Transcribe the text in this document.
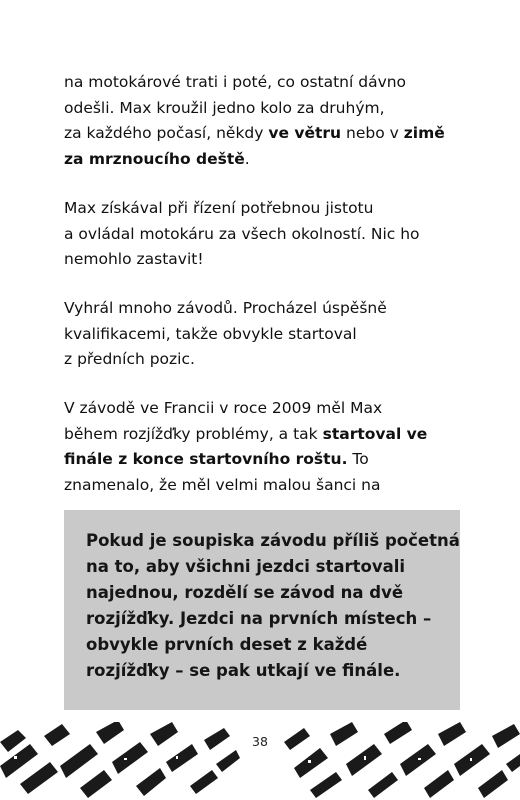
na motokárové trati i poté, co ostatní dávno
odešli. Max kroužil jedno kolo za druhým,
za každého počasí, někdy ve větru nebo v zimě
za mrznoucího deště.
Max získával při řízení potřebnou jistotu
a ovládal motokáru za všech okolností. Nic ho
nemohlo zastavit!
Vyhrál mnoho závodů. Procházel úspěšně
kvalifikacemi, takže obvykle startoval
z předních pozic.
V závodě ve Francii v roce 2009 měl Max
během rozjížďky problémy, a tak startoval ve
finále z konce startovního roštu. To
znamenalo, že měl velmi malou šanci na
Pokud je soupiska závodu příliš početná
na to, aby všichni jezdci startovali
najednou, rozdělí se závod na dvě
rozjížďky. Jezdci na prvních místech –
obvykle prvních deset z každé
rozjížďky – se pak utkají ve finále.
38
